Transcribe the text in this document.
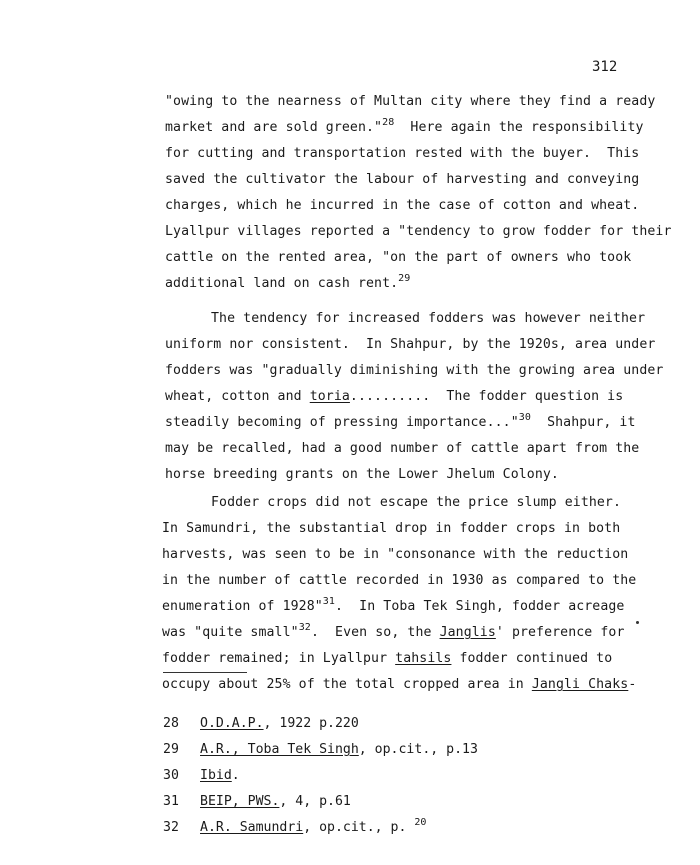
312
"owing to the nearness of Multan city where they find a ready
market and are sold green."$^{28}$  Here again the responsibility
for cutting and transportation rested with the buyer.  This
saved the cultivator the labour of harvesting and conveying
charges, which he incurred in the case of cotton and wheat.
Lyallpur villages reported a "tendency to grow fodder for their
cattle on the rented area, "on the part of owners who took
additional land on cash rent.$^{29}$
The tendency for increased fodders was however neither
uniform nor consistent.  In Shahpur, by the 1920s, area under
fodders was "gradually diminishing with the growing area under
wheat, cotton and toria..........  The fodder question is
steadily becoming of pressing importance..."$^{30}$  Shahpur, it
may be recalled, had a good number of cattle apart from the
horse breeding grants on the Lower Jhelum Colony.
Fodder crops did not escape the price slump either.
In Samundri, the substantial drop in fodder crops in both
harvests, was seen to be in "consonance with the reduction
in the number of cattle recorded in 1930 as compared to the
enumeration of 1928"$^{31}$.  In Toba Tek Singh, fodder acreage
was "quite small"$^{32}$.  Even so, the Janglis' preference for
fodder remained; in Lyallpur tahsils fodder continued to
occupy about 25% of the total cropped area in Jangli Chaks-
28 O.D.A.P., 1922 p.220
29 A.R., Toba Tek Singh, op.cit., p.13
30 Ibid.
31 BEIP, PWS., 4, p.61
32 A.R. Samundri, op.cit., p. $^{20}$
